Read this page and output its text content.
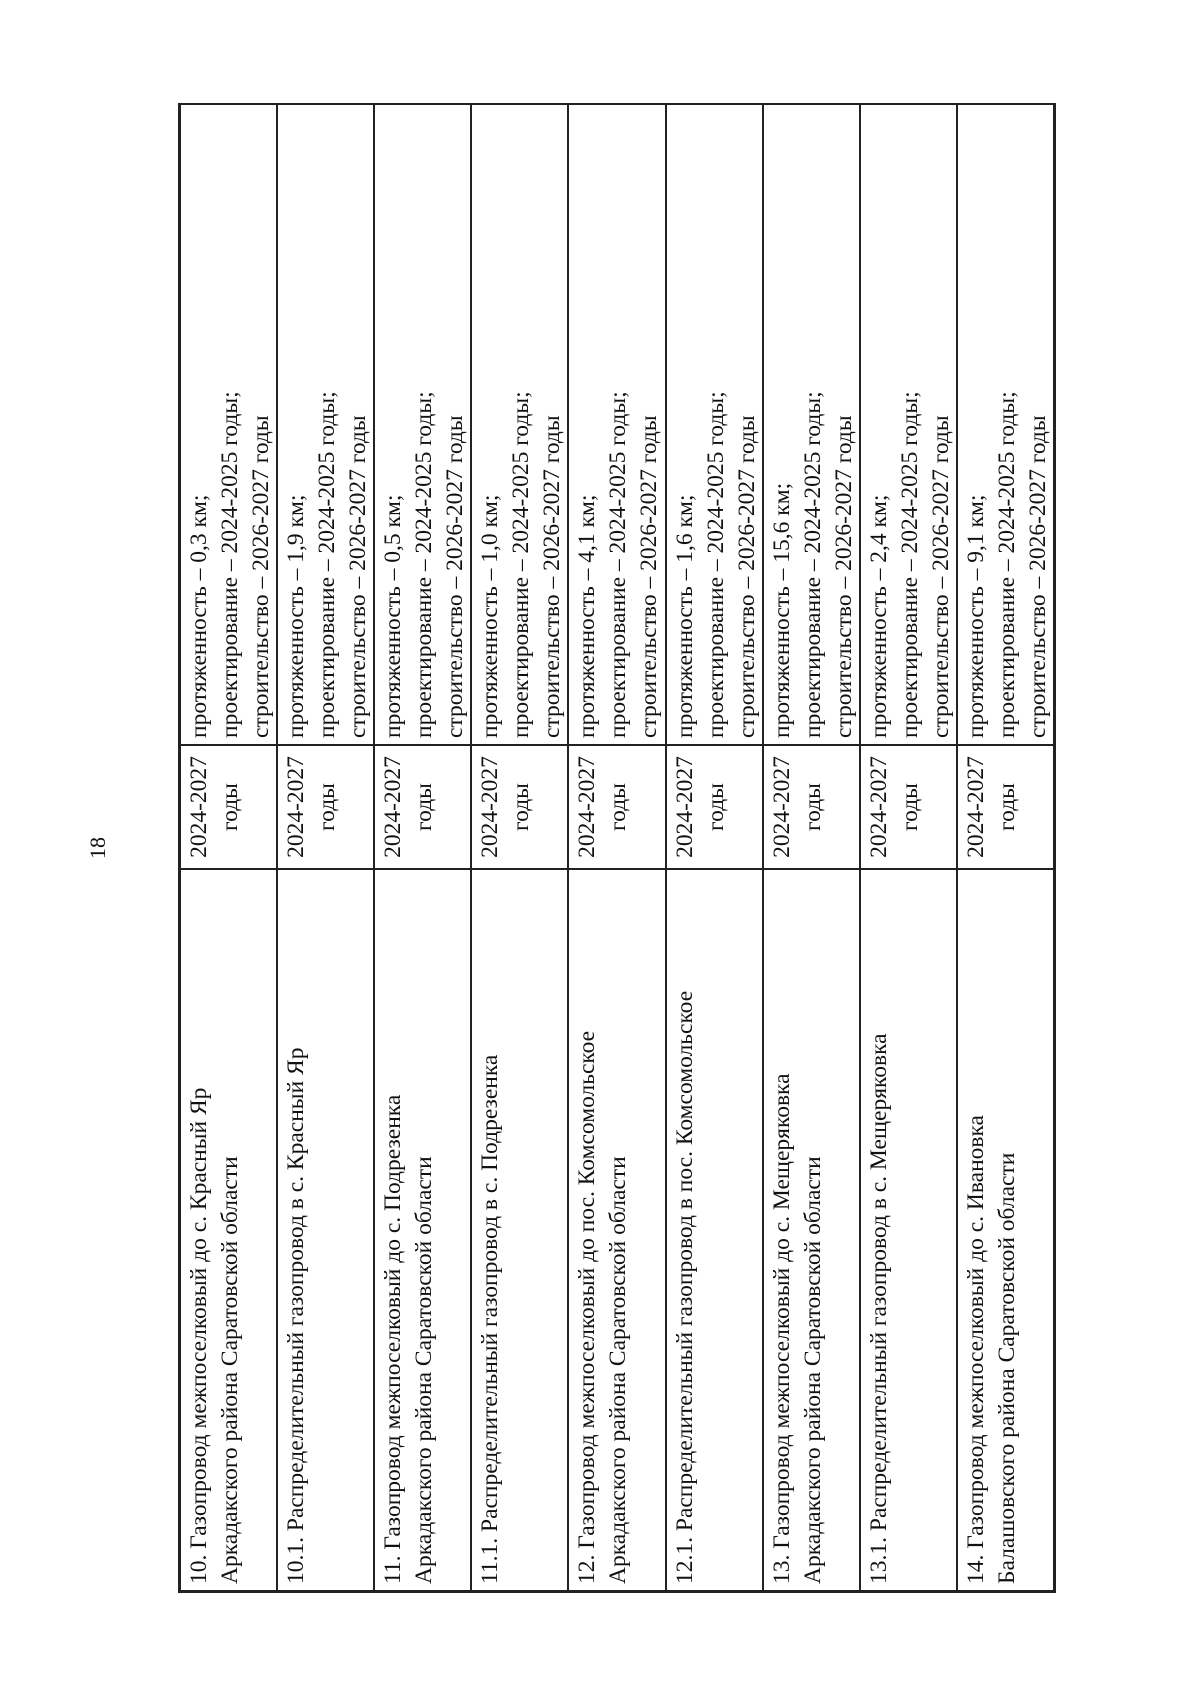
18
10. Газопровод межпоселковый до с. Красный Яр Аркадакского района Саратовской области
2024-2027 годы
протяженность – 0,3 км; проектирование – 2024-2025 годы; строительство – 2026-2027 годы
10.1. Распределительный газопровод в с. Красный Яр
2024-2027 годы
протяженность – 1,9 км; проектирование – 2024-2025 годы; строительство – 2026-2027 годы
11. Газопровод межпоселковый до с. Подрезенка Аркадакского района Саратовской области
2024-2027 годы
протяженность – 0,5 км; проектирование – 2024-2025 годы; строительство – 2026-2027 годы
11.1. Распределительный газопровод в с. Подрезенка
2024-2027 годы
протяженность – 1,0 км; проектирование – 2024-2025 годы; строительство – 2026-2027 годы
12. Газопровод межпоселковый до пос. Комсомольское Аркадакского района Саратовской области
2024-2027 годы
протяженность – 4,1 км; проектирование – 2024-2025 годы; строительство – 2026-2027 годы
12.1. Распределительный газопровод в пос. Комсомольское
2024-2027 годы
протяженность – 1,6 км; проектирование – 2024-2025 годы; строительство – 2026-2027 годы
13. Газопровод межпоселковый до с. Мещеряковка Аркадакского района Саратовской области
2024-2027 годы
протяженность – 15,6 км; проектирование – 2024-2025 годы; строительство – 2026-2027 годы
13.1. Распределительный газопровод в с. Мещеряковка
2024-2027 годы
протяженность – 2,4 км; проектирование – 2024-2025 годы; строительство – 2026-2027 годы
14. Газопровод межпоселковый до с. Ивановка Балашовского района Саратовской области
2024-2027 годы
протяженность – 9,1 км; проектирование – 2024-2025 годы; строительство – 2026-2027 годы
